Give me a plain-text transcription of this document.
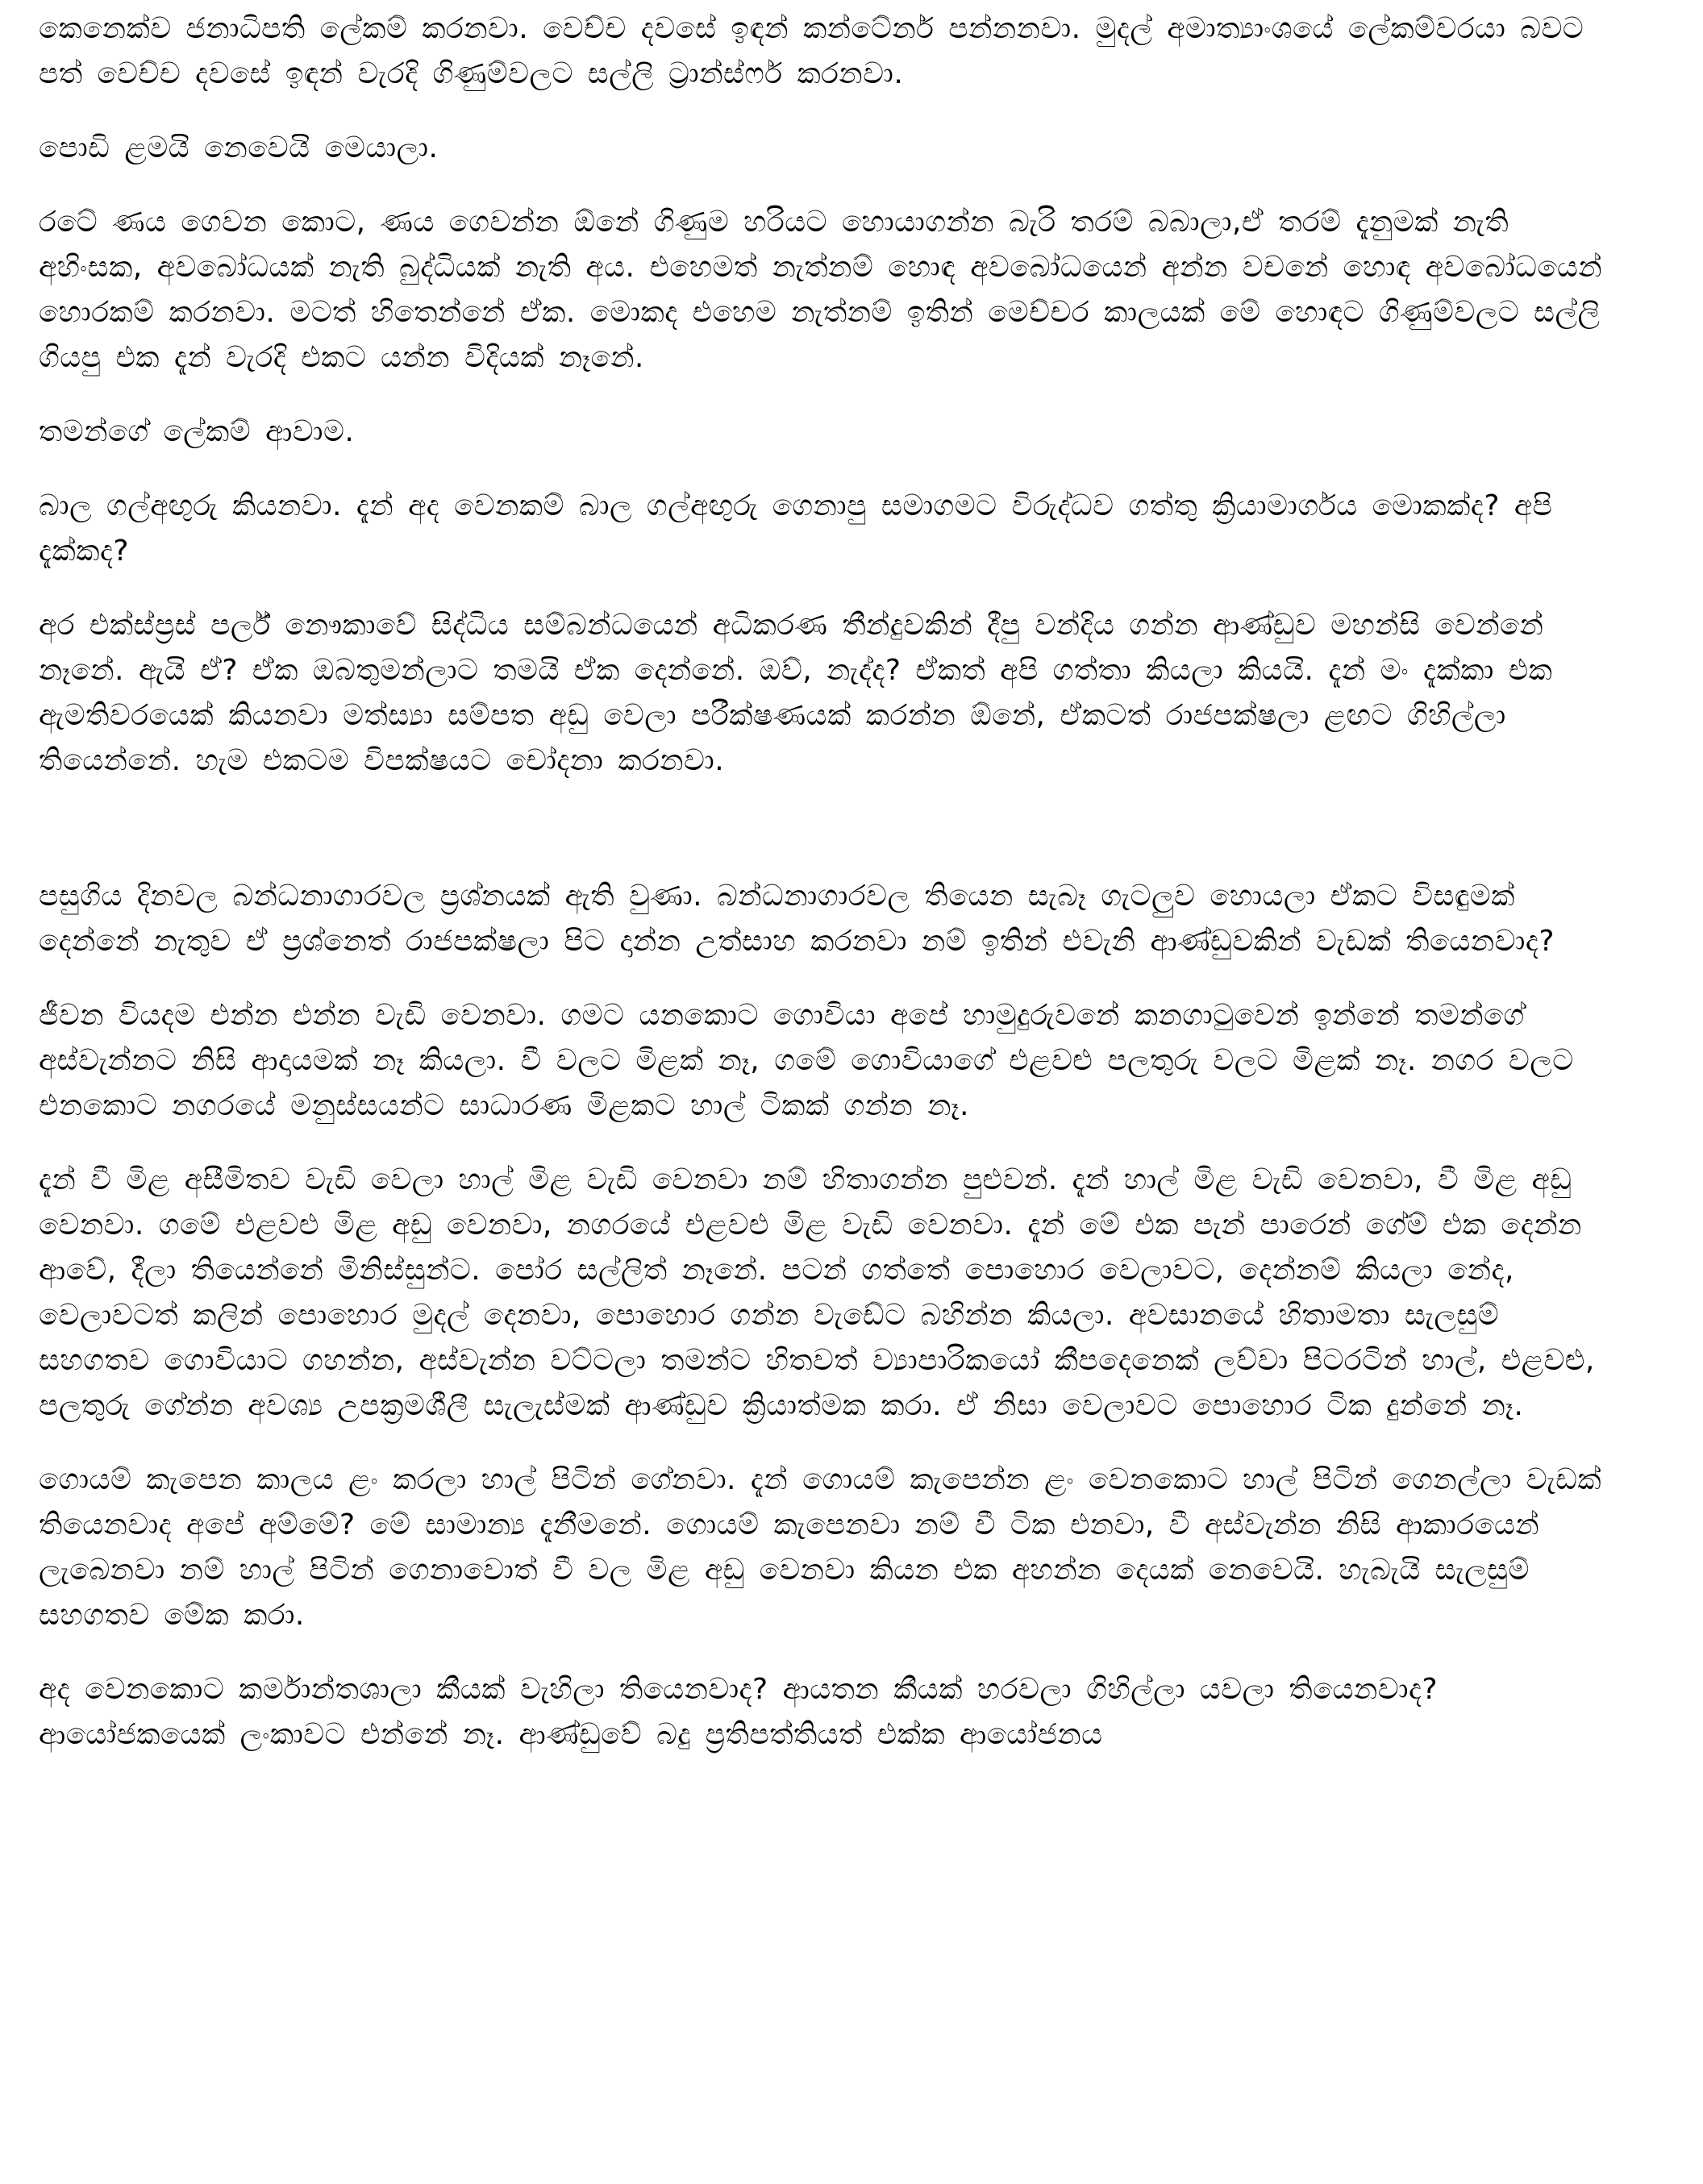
කෙනෙක්ව ජනාධිපති ලේකම් කරනවා. වෙච්ච දවසේ ඉඳන් කන්ටේනර් පන්නනවා. මුදල් අමාත්‍යාංශයේ ලේකම්වරයා බවට පත් වෙච්ච දවසේ ඉඳන් වැරදි ගිණුම්වලට සල්ලි ට්‍රාන්ස්ෆර් කරනවා.

පොඩි ළමයි නෙවෙයි මෙයාලා.

රටේ ණය ගෙවන කොට, ණය ගෙවන්න ඕනේ ගිණුම හරියට හොයාගන්න බැරි තරම් බබාලා,ඒ තරම් දැනුමක් නැති අහිංසක, අවබෝධයක් නැති බුද්ධියක් නැති අය. එහෙමත් නැත්නම් හොඳ අවබෝධයෙන් අන්න වචනේ හොඳ අවබෝධයෙන් හොරකම් කරනවා. මටත් හිතෙන්නේ ඒක. මොකද එහෙම නැත්නම් ඉතින් මෙච්චර කාලයක් මේ හොඳට ගිණුම්වලට සල්ලි ගියපු එක දැන් වැරදි එකට යන්න විදියක් නෑනේ.

තමන්ගේ ලේකම් ආවාම.

බාල ගල්අඟුරු කියනවා. දැන් අද වෙනකම් බාල ගල්අඟුරු ගෙනාපු සමාගමට විරුද්ධව ගත්තු ක්‍රියාමාර්ගය මොකක්ද? අපි දැක්කද?

අර එක්ස්ප්‍රස් පර්ල් නෞකාවේ සිද්ධිය සම්බන්ධයෙන් අධිකරණ තීන්දුවකින් දීපු වන්දිය ගන්න ආණ්ඩුව මහන්සි වෙන්නේ නෑනේ. ඇයි ඒ? ඒක ඔබතුමන්ලාට තමයි ඒක දෙන්නේ. ඔව්, නැද්ද? ඒකත් අපි ගත්තා කියලා කියයි. දැන් මං දැක්කා එක ඇමතිවරයෙක් කියනවා මත්ස්‍යා සම්පත අඩු වෙලා පරීක්ෂණයක් කරන්න ඕනේ, ඒකටත් රාජපක්ෂලා ළඟට ගිහිල්ලා තියෙන්නේ. හැම එකටම විපක්ෂයට චෝදනා කරනවා.

පසුගිය දිනවල බන්ධනාගාරවල ප්‍රශ්නයක් ඇති වුණා. බන්ධනාගාරවල තියෙන සැබෑ ගැටලුව හොයලා ඒකට විසඳුමක් දෙන්නේ නැතුව ඒ ප්‍රශ්නෙත් රාජපක්ෂලා පිට දාන්න උත්සාහ කරනවා නම් ඉතින් එවැනි ආණ්ඩුවකින් වැඩක් තියෙනවාද?

ජීවන වියදම එන්න එන්න වැඩි වෙනවා. ගමට යනකොට ගොවියා අපේ හාමුදුරුවනේ කනගාටුවෙන් ඉන්නේ තමන්ගේ අස්වැන්නට නිසි ආදායමක් නෑ කියලා. වී වලට මිළක් නෑ, ගමේ ගොවියාගේ එළවළු පලතුරු වලට මිළක් නෑ. නගර වලට එනකොට නගරයේ මනුස්සයන්ට සාධාරණ මිළකට හාල් ටිකක් ගන්න නෑ.

දැන් වී මිළ අසීමිතව වැඩි වෙලා හාල් මිළ වැඩි වෙනවා නම් හිතාගන්න පුළුවන්. දැන් හාල් මිළ වැඩි වෙනවා, වී මිළ අඩු වෙනවා. ගමේ එළවළු මිළ අඩු වෙනවා, නගරයේ එළවළු මිළ වැඩි වෙනවා. දැන් මේ එක පැන් පාරෙන් ගේම් එක දෙන්න ආවේ, දීලා තියෙන්නේ මිනිස්සුන්ට. පෝර සල්ලිත් නෑනේ. පටන් ගත්තේ පොහොර වෙලාවට, දෙන්නම් කියලා නේද, වෙලාවටත් කලින් පොහොර මුදල් දෙනවා, පොහොර ගන්න වැඩේට බහින්න කියලා. අවසානයේ හිතාමතා සැලසුම් සහගතව ගොවියාට ගහන්න, අස්වැන්න වට්ටලා තමන්ට හිතවත් ව්‍යාපාරිකයෝ කීපදෙනෙක් ලව්වා පිටරටින් හාල්, එළවළු, පලතුරු ගේන්න අවශ්‍ය උපක්‍රමශීලී සැලැස්මක් ආණ්ඩුව ක්‍රියාත්මක කරා. ඒ නිසා වෙලාවට පොහොර ටික දුන්නේ නෑ.

ගොයම් කැපෙන කාලය ළං කරලා හාල් පිටින් ගේනවා. දැන් ගොයම් කැපෙන්න ළං වෙනකොට හාල් පිටින් ගෙනල්ලා වැඩක් තියෙනවාද අපේ අම්මේ? මේ සාමාන්‍ය දැනීමනේ. ගොයම් කැපෙනවා නම් වී ටික එනවා, වී අස්වැන්න නිසි ආකාරයෙන් ලැබෙනවා නම් හාල් පිටින් ගෙනාවොත් වී වල මිළ අඩු වෙනවා කියන එක අහන්න දෙයක් නෙවෙයි. හැබැයි සැලසුම් සහගතව මේක කරා.

අද වෙනකොට කර්මාන්තශාලා කීයක් වැහිලා තියෙනවාද? ආයතන කීයක් හරවලා ගිහිල්ලා යවලා තියෙනවාද? ආයෝජකයෙක් ලංකාවට එන්නේ නෑ. ආණ්ඩුවේ බදු ප්‍රතිපත්තියත් එක්ක ආයෝජනය
